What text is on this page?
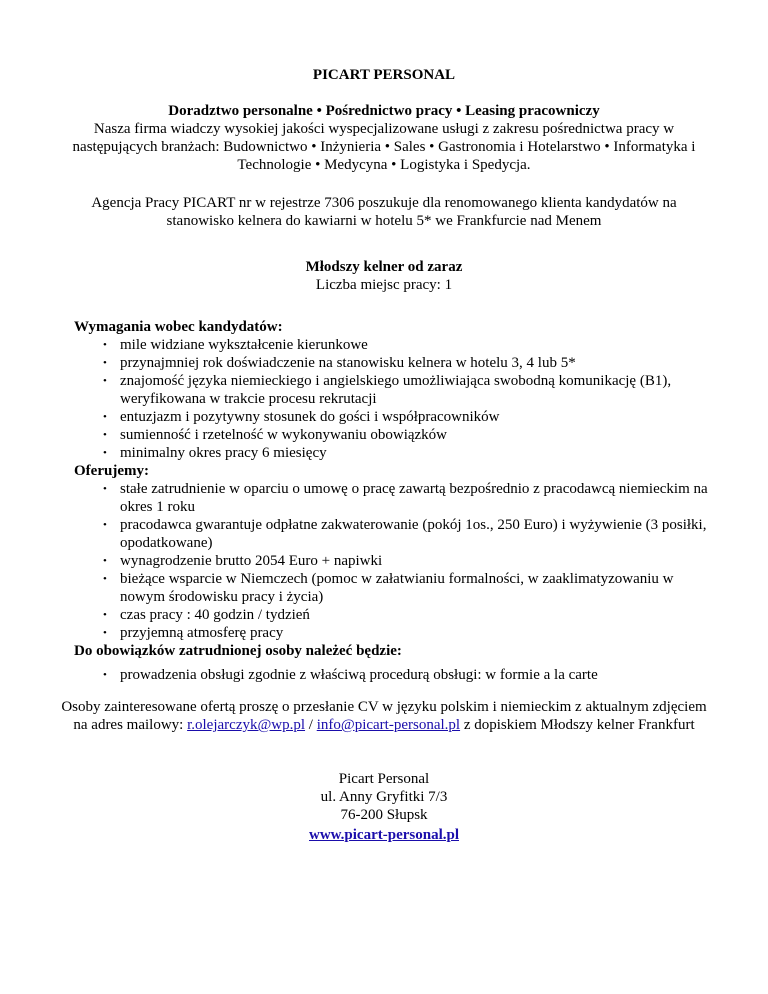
PICART PERSONAL
Doradztwo personalne • Pośrednictwo pracy • Leasing pracowniczy
Nasza firma wiadczy wysokiej jakości wyspecjalizowane usługi z zakresu pośrednictwa pracy w następujących branżach: Budownictwo • Inżynieria • Sales • Gastronomia i Hotelarstwo • Informatyka i Technologie • Medycyna • Logistyka i Spedycja.
Agencja Pracy PICART nr w rejestrze 7306 poszukuje dla renomowanego klienta kandydatów na stanowisko kelnera do kawiarni w hotelu 5* we Frankfurcie nad Menem
Młodszy kelner od zaraz
Liczba miejsc pracy: 1
Wymagania wobec kandydatów:
• mile widziane wykształcenie kierunkowe
• przynajmniej rok doświadczenie na stanowisku kelnera w hotelu 3, 4 lub 5*
• znajomość języka niemieckiego i angielskiego umożliwiająca swobodną komunikację (B1), weryfikowana w trakcie procesu rekrutacji
• entuzjazm i pozytywny stosunek do gości i współpracowników
• sumienność i rzetelność w wykonywaniu obowiązków
• minimalny okres pracy 6 miesięcy
Oferujemy:
• stałe zatrudnienie w oparciu o umowę o pracę zawartą bezpośrednio z pracodawcą niemieckim na okres 1 roku
• pracodawca gwarantuje odpłatne zakwaterowanie (pokój 1os., 250 Euro) i wyżywienie (3 posiłki, opodatkowane)
• wynagrodzenie brutto 2054 Euro + napiwki
• bieżące wsparcie w Niemczech (pomoc w załatwianiu formalności, w zaaklimatyzowaniu w nowym środowisku pracy i życia)
• czas pracy : 40 godzin / tydzień
• przyjemną atmosferę pracy
Do obowiązków zatrudnionej osoby należeć będzie:
• prowadzenia obsługi zgodnie z właściwą procedurą obsługi: w formie a la carte
Osoby zainteresowane ofertą proszę o przesłanie CV w języku polskim i niemieckim z aktualnym zdjęciem na adres mailowy: r.olejarczyk@wp.pl / info@picart-personal.pl z dopiskiem Młodszy kelner Frankfurt
Picart Personal
ul. Anny Gryfitki 7/3
76-200 Słupsk
www.picart-personal.pl
